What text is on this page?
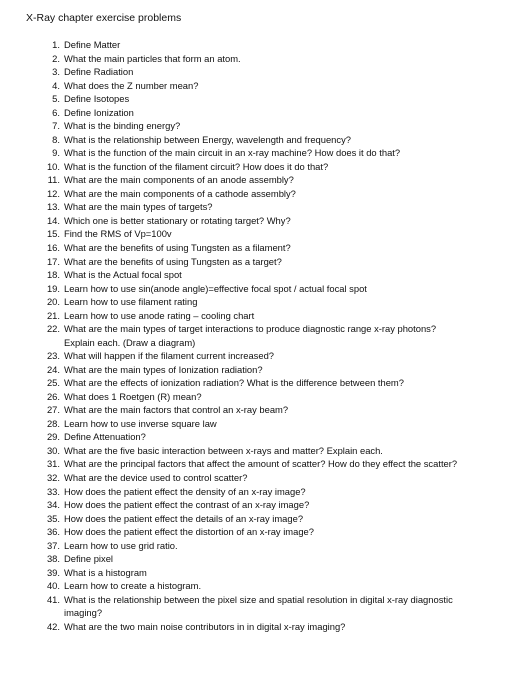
X-Ray chapter exercise problems
1. Define Matter
2. What the main particles that form an atom.
3. Define Radiation
4. What does the Z number mean?
5. Define Isotopes
6. Define Ionization
7. What is the binding energy?
8. What is the relationship between Energy, wavelength and frequency?
9. What is the function of the main circuit in an x-ray machine? How does it do that?
10. What is the function of the filament circuit? How does it do that?
11. What are the main components of an anode assembly?
12. What are the main components of a cathode assembly?
13. What are the main types of targets?
14. Which one is better stationary or rotating target? Why?
15. Find the RMS of Vp=100v
16. What are the benefits of using Tungsten as a filament?
17. What are the benefits of using Tungsten as a target?
18. What is the Actual focal spot
19. Learn how to use sin(anode angle)=effective focal spot / actual focal spot
20. Learn how to use filament rating
21. Learn how to use anode rating – cooling chart
22. What are the main types of target interactions to produce diagnostic range x-ray photons? Explain each. (Draw a diagram)
23. What will happen if the filament current increased?
24. What are the main types of Ionization radiation?
25. What are the effects of ionization radiation? What is the difference between them?
26. What does 1 Roetgen (R) mean?
27. What are the main factors that control an x-ray beam?
28. Learn how to use inverse square law
29. Define Attenuation?
30. What are the five basic interaction between x-rays and matter? Explain each.
31. What are the principal factors that affect the amount of scatter? How do they effect the scatter?
32. What are the device used to control scatter?
33. How does the patient effect the density of an x-ray image?
34. How does the patient effect the contrast of an x-ray image?
35. How does the patient effect the details of an x-ray image?
36. How does the patient effect the distortion of an x-ray image?
37. Learn how to use grid ratio.
38. Define pixel
39. What is a histogram
40. Learn how to create a histogram.
41. What is the relationship between the pixel size and spatial resolution in digital x-ray diagnostic imaging?
42. What are the two main noise contributors in in digital x-ray imaging?
